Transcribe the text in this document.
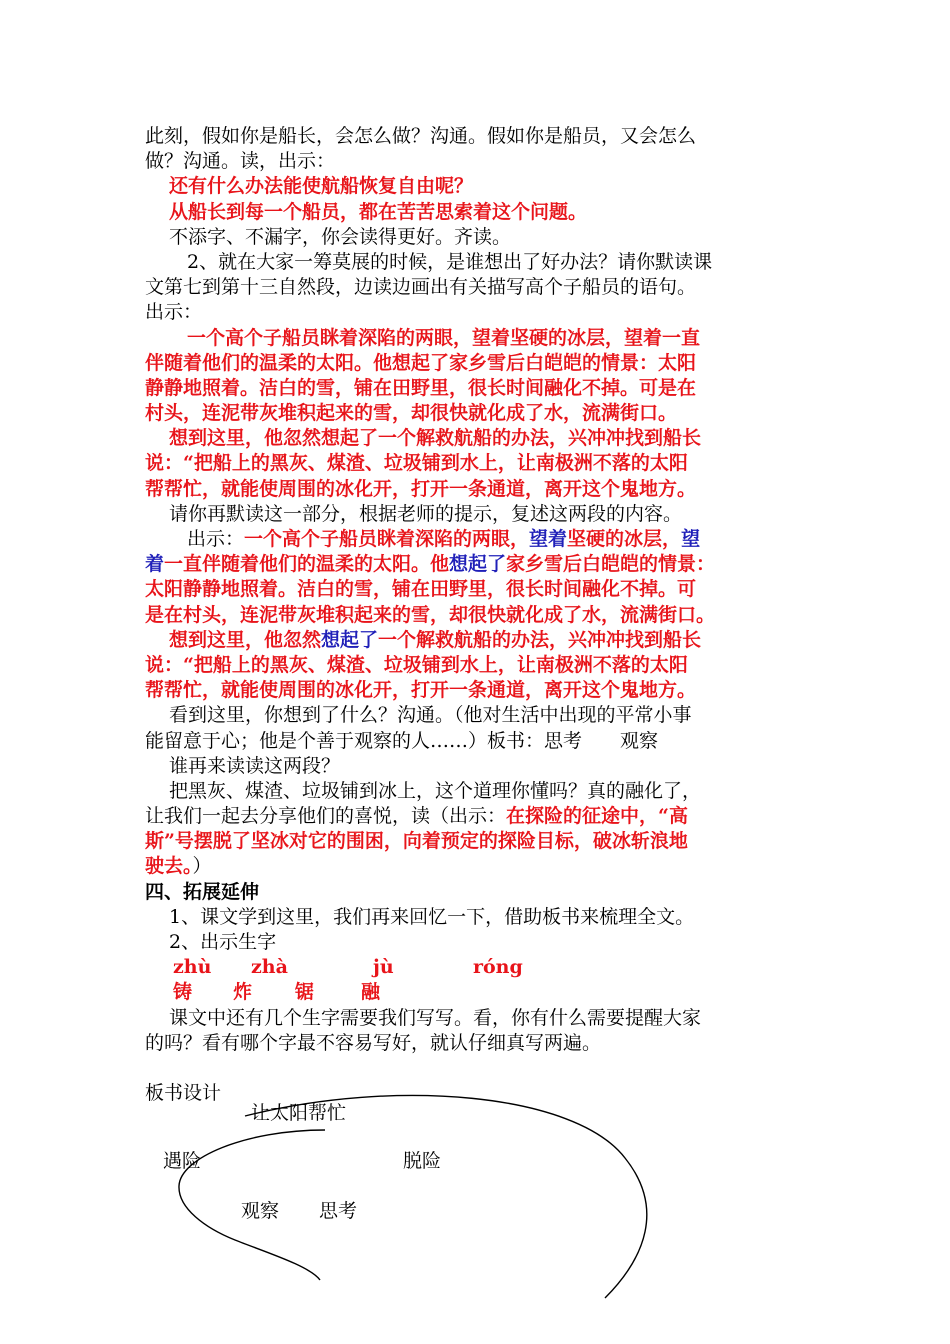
此刻，假如你是船长，会怎么做？沟通。假如你是船员，又会怎么
做？沟通。读，出示：
还有什么办法能使航船恢复自由呢？
从船长到每一个船员，都在苦苦思索着这个问题。
不添字、不漏字，你会读得更好。齐读。
2、就在大家一筹莫展的时候，是谁想出了好办法？请你默读课
文第七到第十三自然段，边读边画出有关描写高个子船员的语句。
出示：
一个高个子船员眯着深陷的两眼，望着坚硬的冰层，望着一直
伴随着他们的温柔的太阳。他想起了家乡雪后白皑皑的情景：太阳
静静地照着。洁白的雪，铺在田野里，很长时间融化不掉。可是在
村头，连泥带灰堆积起来的雪，却很快就化成了水，流满街口。
想到这里，他忽然想起了一个解救航船的办法，兴冲冲找到船长
说：“把船上的黑灰、煤渣、垃圾铺到水上，让南极洲不落的太阳
帮帮忙，就能使周围的冰化开，打开一条通道，离开这个鬼地方。
请你再默读这一部分，根据老师的提示，复述这两段的内容。
出示：一个高个子船员眯着深陷的两眼，望着坚硬的冰层，望
着一直伴随着他们的温柔的太阳。他想起了家乡雪后白皑皑的情景：
太阳静静地照着。洁白的雪，铺在田野里，很长时间融化不掉。可
是在村头，连泥带灰堆积起来的雪，却很快就化成了水，流满街口。
想到这里，他忽然想起了一个解救航船的办法，兴冲冲找到船长
说：“把船上的黑灰、煤渣、垃圾铺到水上，让南极洲不落的太阳
帮帮忙，就能使周围的冰化开，打开一条通道，离开这个鬼地方。
看到这里，你想到了什么？沟通。（他对生活中出现的平常小事
能留意于心；他是个善于观察的人……）板书：思考　　观察
谁再来读读这两段？
把黑灰、煤渣、垃圾铺到冰上，这个道理你懂吗？真的融化了，
让我们一起去分享他们的喜悦，读（出示：在探险的征途中，“高
斯”号摆脱了坚冰对它的围困，向着预定的探险目标，破冰斩浪地
驶去。）
四、拓展延伸
1、课文学到这里，我们再来回忆一下，借助板书来梳理全文。
2、出示生字
zhù zhà	jù	róng
铸 炸 锯 融
课文中还有几个生字需要我们写写。看，你有什么需要提醒大家
的吗？看有哪个字最不容易写好，就认仔细真写两遍。
板书设计
让太阳帮忙
遇险	脱险
观察 思考
